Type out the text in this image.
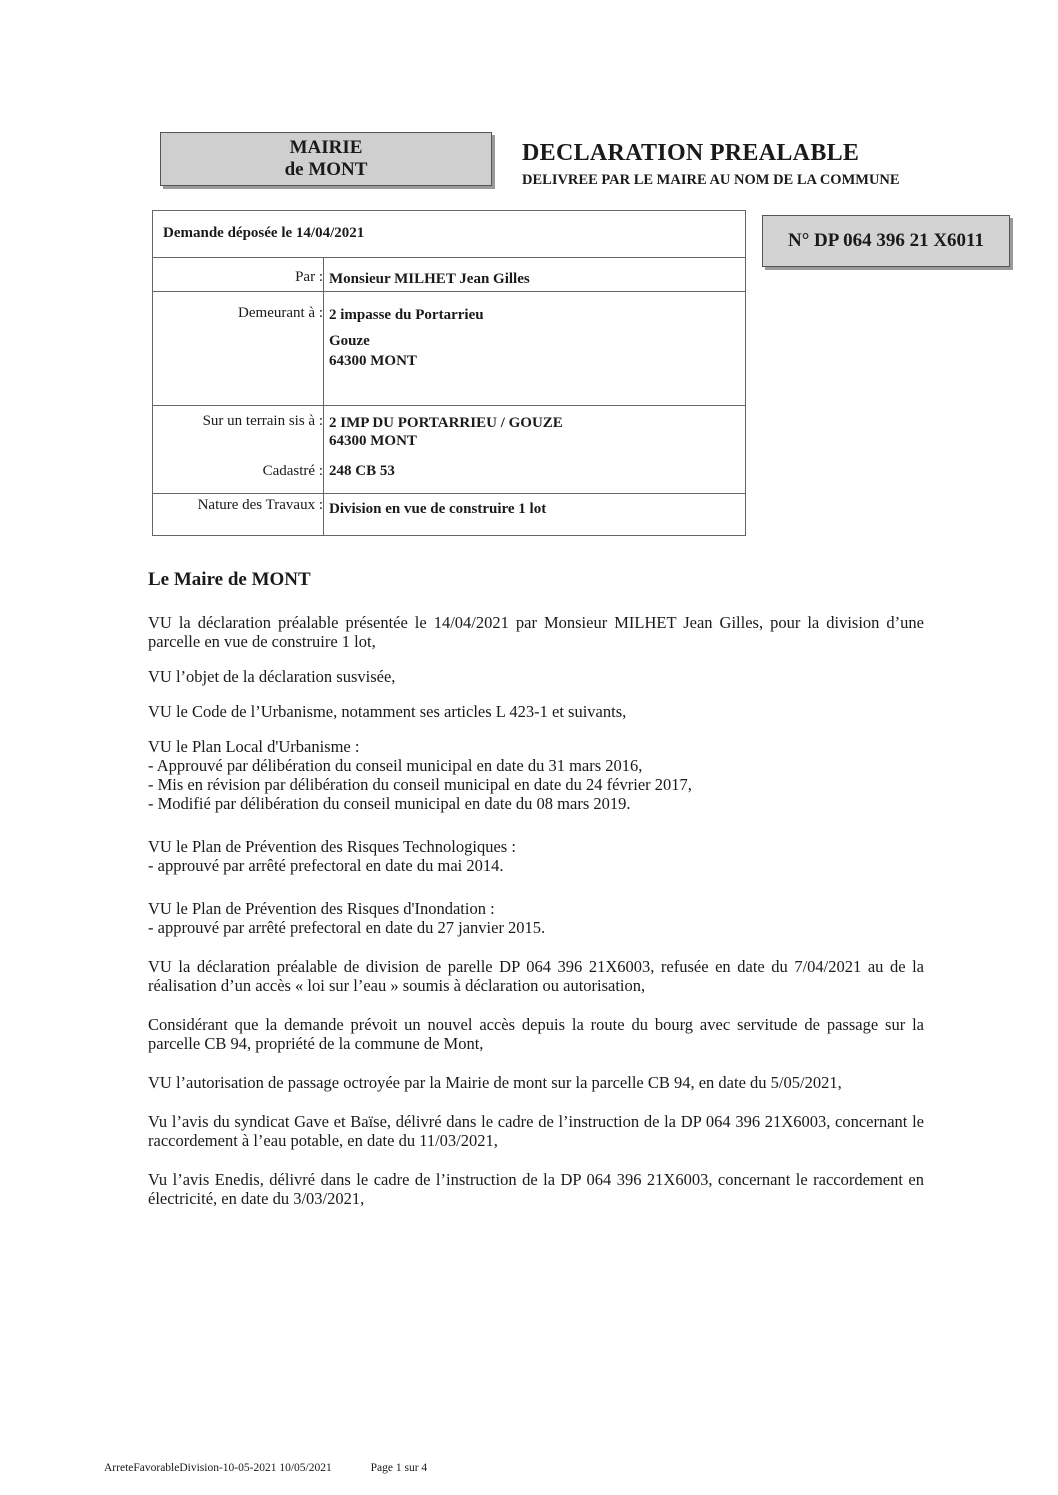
MAIRIE
de MONT
DECLARATION PREALABLE
DELIVREE PAR LE MAIRE AU NOM DE LA COMMUNE
N° DP 064 396 21 X6011
Demande déposée le 14/04/2021
Par : Monsieur MILHET Jean Gilles
Demeurant à : 2 impasse du Portarrieu
Gouze
64300 MONT
Sur un terrain sis à : 2 IMP DU PORTARRIEU / GOUZE
64300 MONT
Cadastré : 248 CB 53
Nature des Travaux : Division en vue de construire 1 lot
Le Maire de MONT

VU la déclaration préalable présentée le 14/04/2021 par Monsieur MILHET Jean Gilles, pour la division d’une parcelle en vue de construire 1 lot,

VU l’objet de la déclaration susvisée,

VU le Code de l’Urbanisme, notamment ses articles L 423-1 et suivants,

VU le Plan Local d'Urbanisme :
- Approuvé par délibération du conseil municipal en date du 31 mars 2016,
- Mis en révision par délibération du conseil municipal en date du 24 février 2017,
- Modifié par délibération du conseil municipal en date du 08 mars 2019.
VU le Plan de Prévention des Risques Technologiques :
- approuvé par arrêté prefectoral en date du mai 2014.
VU le Plan de Prévention des Risques d'Inondation :
- approuvé par arrêté prefectoral en date du 27 janvier 2015.

VU la déclaration préalable de division de parelle DP 064 396 21X6003, refusée en date du 7/04/2021 au de la réalisation d’un accès « loi sur l’eau » soumis à déclaration ou autorisation,

Considérant que la demande prévoit un nouvel accès depuis la route du bourg avec servitude de passage sur la parcelle CB 94, propriété de la commune de Mont,

VU l’autorisation de passage octroyée par la Mairie de mont sur la parcelle CB 94, en date du 5/05/2021,

Vu l’avis du syndicat Gave et Baïse, délivré dans le cadre de l’instruction de la DP 064 396 21X6003, concernant le raccordement à l’eau potable, en date du 11/03/2021,

Vu l’avis Enedis, délivré dans le cadre de l’instruction de la DP 064 396 21X6003, concernant le raccordement en électricité, en date du 3/03/2021,

ArreteFavorableDivision-10-05-2021 10/05/2021	Page 1 sur 4
